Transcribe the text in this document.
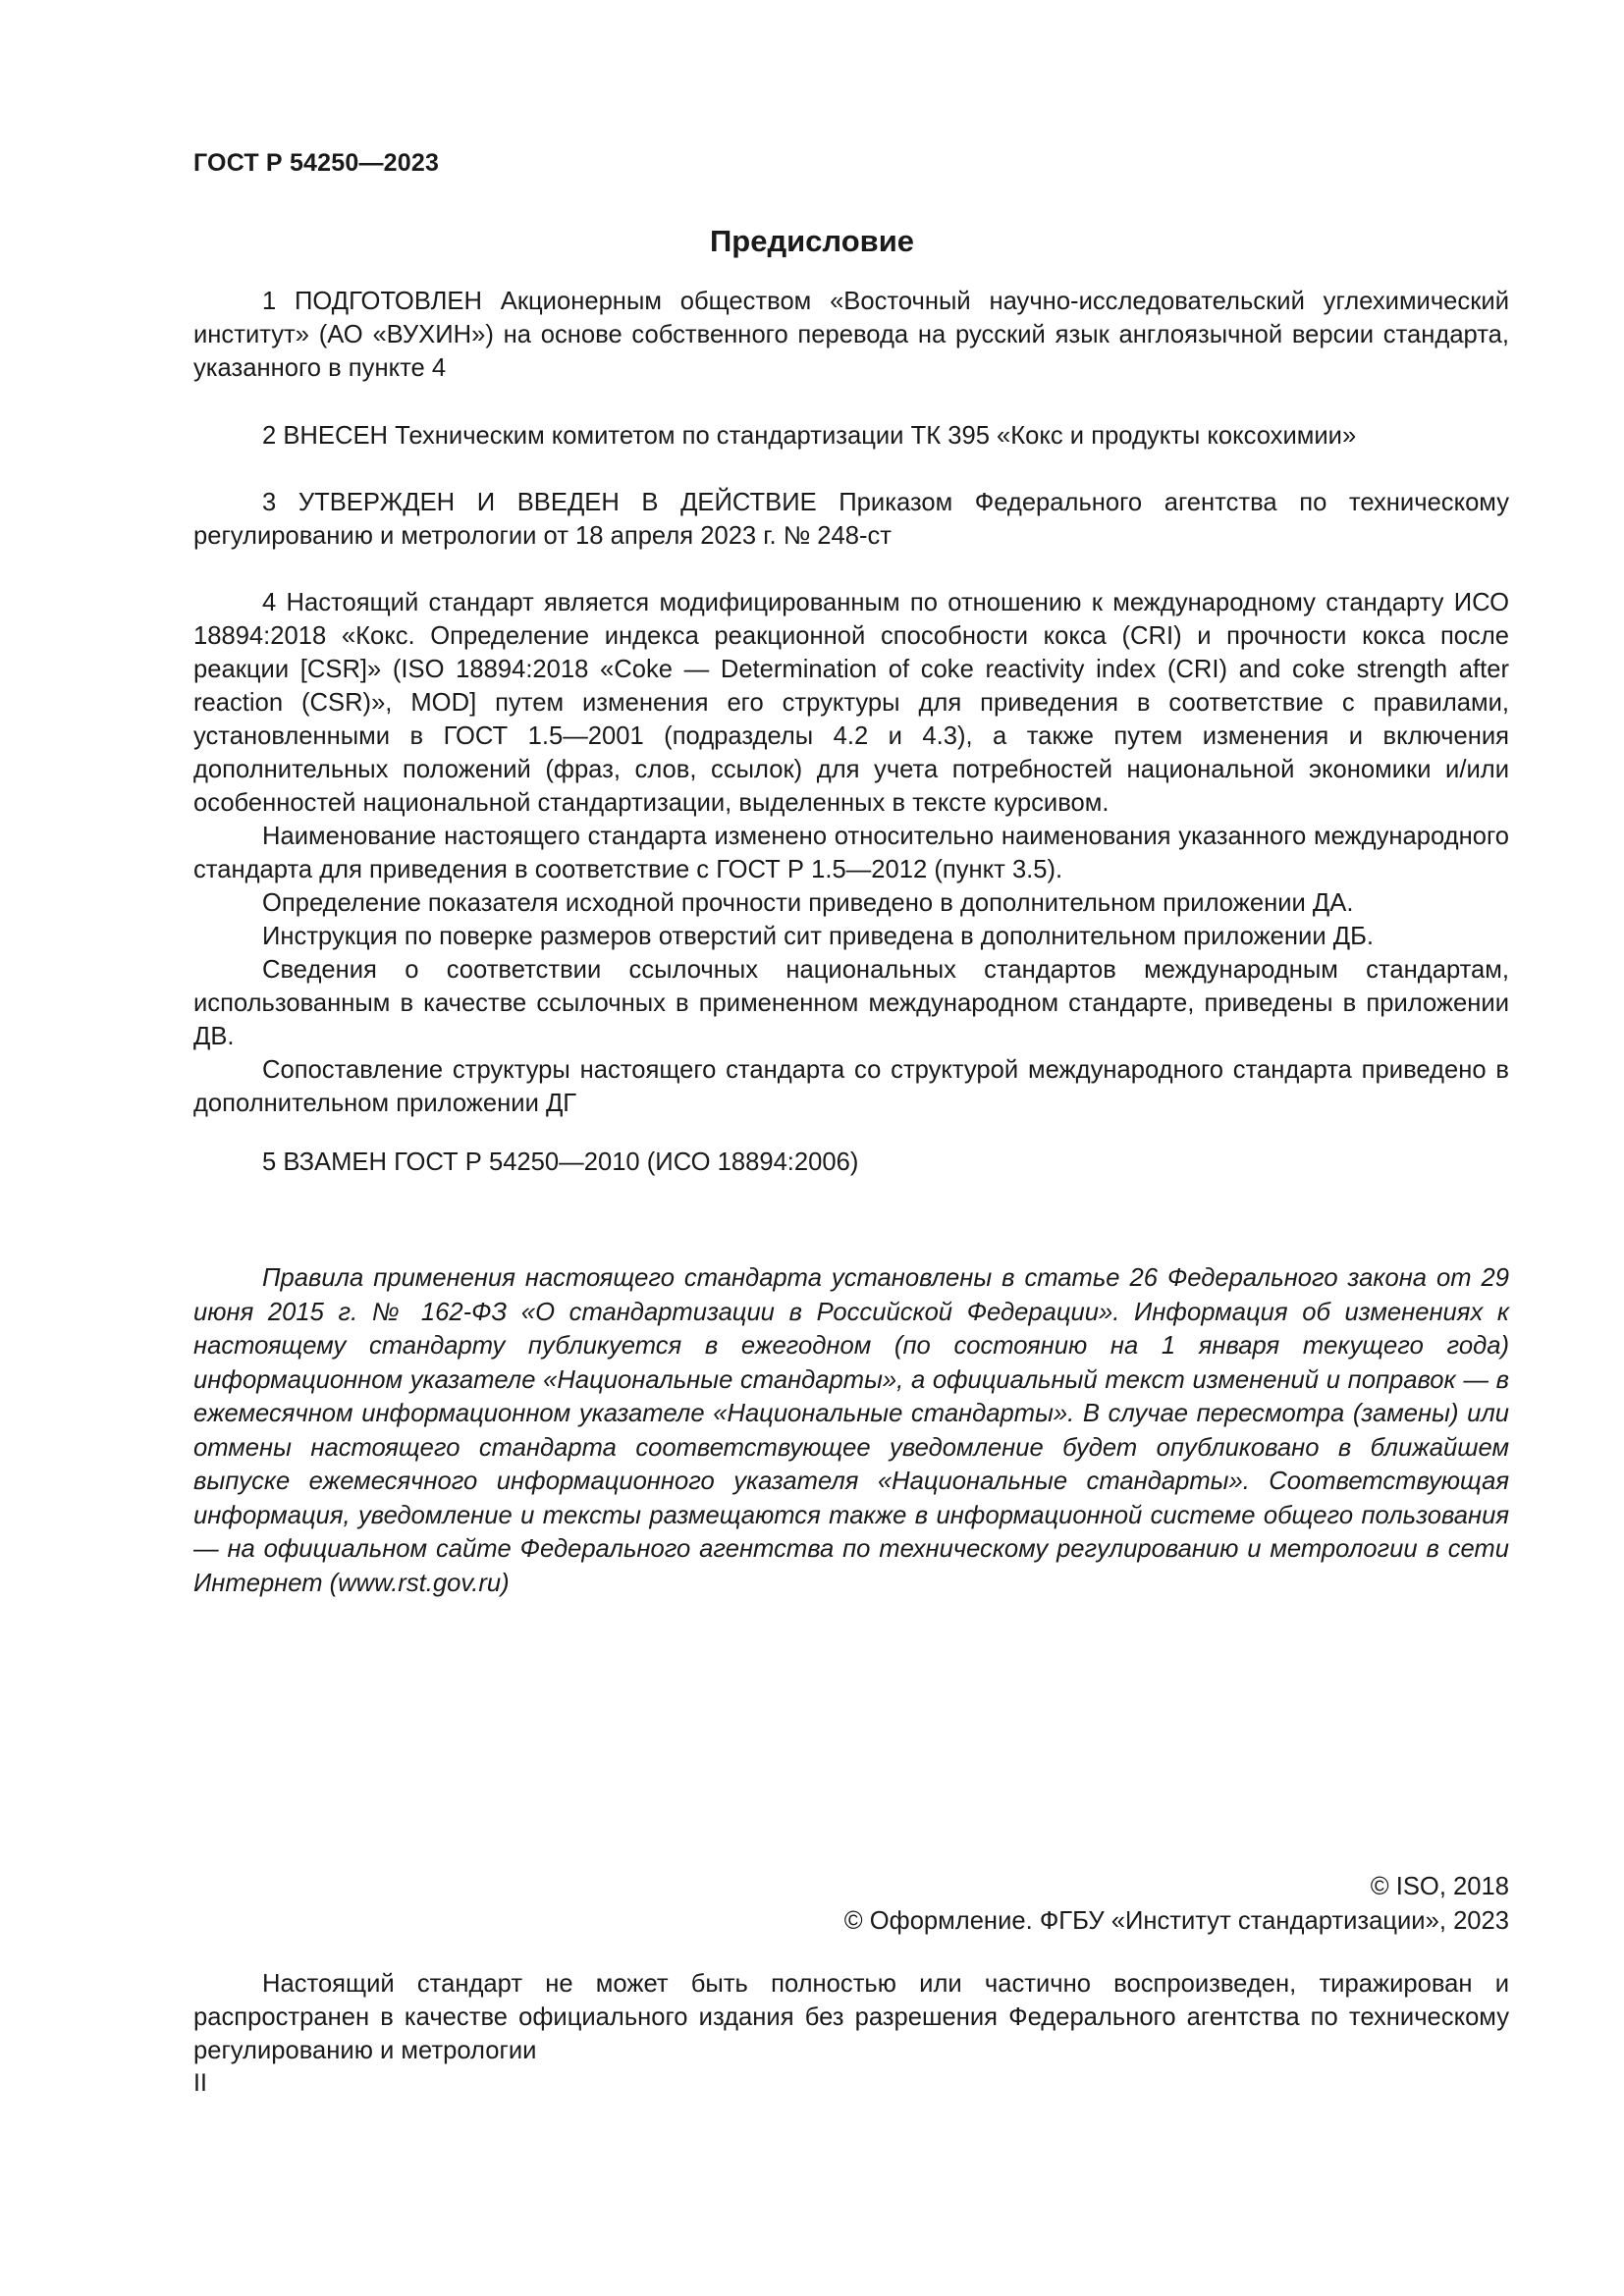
ГОСТ Р 54250—2023
Предисловие

1 ПОДГОТОВЛЕН Акционерным обществом «Восточный научно-исследовательский углехимический институт» (АО «ВУХИН») на основе собственного перевода на русский язык англоязычной версии стандарта, указанного в пункте 4

2 ВНЕСЕН Техническим комитетом по стандартизации ТК 395 «Кокс и продукты коксохимии»

3 УТВЕРЖДЕН И ВВЕДЕН В ДЕЙСТВИЕ Приказом Федерального агентства по техническому регулированию и метрологии от 18 апреля 2023 г. № 248-ст

4 Настоящий стандарт является модифицированным по отношению к международному стандарту ИСО 18894:2018 «Кокс. Определение индекса реакционной способности кокса (CRI) и прочности кокса после реакции [CSR]» (ISO 18894:2018 «Coke — Determination of coke reactivity index (CRI) and coke strength after reaction (CSR)», MOD] путем изменения его структуры для приведения в соответствие с правилами, установленными в ГОСТ 1.5—2001 (подразделы 4.2 и 4.3), а также путем изменения и включения дополнительных положений (фраз, слов, ссылок) для учета потребностей национальной экономики и/или особенностей национальной стандартизации, выделенных в тексте курсивом.

Наименование настоящего стандарта изменено относительно наименования указанного международного стандарта для приведения в соответствие с ГОСТ Р 1.5—2012 (пункт 3.5).

Определение показателя исходной прочности приведено в дополнительном приложении ДА.

Инструкция по поверке размеров отверстий сит приведена в дополнительном приложении ДБ.

Сведения о соответствии ссылочных национальных стандартов международным стандартам, использованным в качестве ссылочных в примененном международном стандарте, приведены в приложении ДВ.

Сопоставление структуры настоящего стандарта со структурой международного стандарта приведено в дополнительном приложении ДГ

5 ВЗАМЕН ГОСТ Р 54250—2010 (ИСО 18894:2006)

Правила применения настоящего стандарта установлены в статье 26 Федерального закона от 29 июня 2015 г. № 162-ФЗ «О стандартизации в Российской Федерации». Информация об изменениях к настоящему стандарту публикуется в ежегодном (по состоянию на 1 января текущего года) информационном указателе «Национальные стандарты», а официальный текст изменений и поправок — в ежемесячном информационном указателе «Национальные стандарты». В случае пересмотра (замены) или отмены настоящего стандарта соответствующее уведомление будет опубликовано в ближайшем выпуске ежемесячного информационного указателя «Национальные стандарты». Соответствующая информация, уведомление и тексты размещаются также в информационной системе общего пользования — на официальном сайте Федерального агентства по техническому регулированию и метрологии в сети Интернет (www.rst.gov.ru)
© ISO, 2018
© Оформление. ФГБУ «Институт стандартизации», 2023
Настоящий стандарт не может быть полностью или частично воспроизведен, тиражирован и распространен в качестве официального издания без разрешения Федерального агентства по техническому регулированию и метрологии
II
